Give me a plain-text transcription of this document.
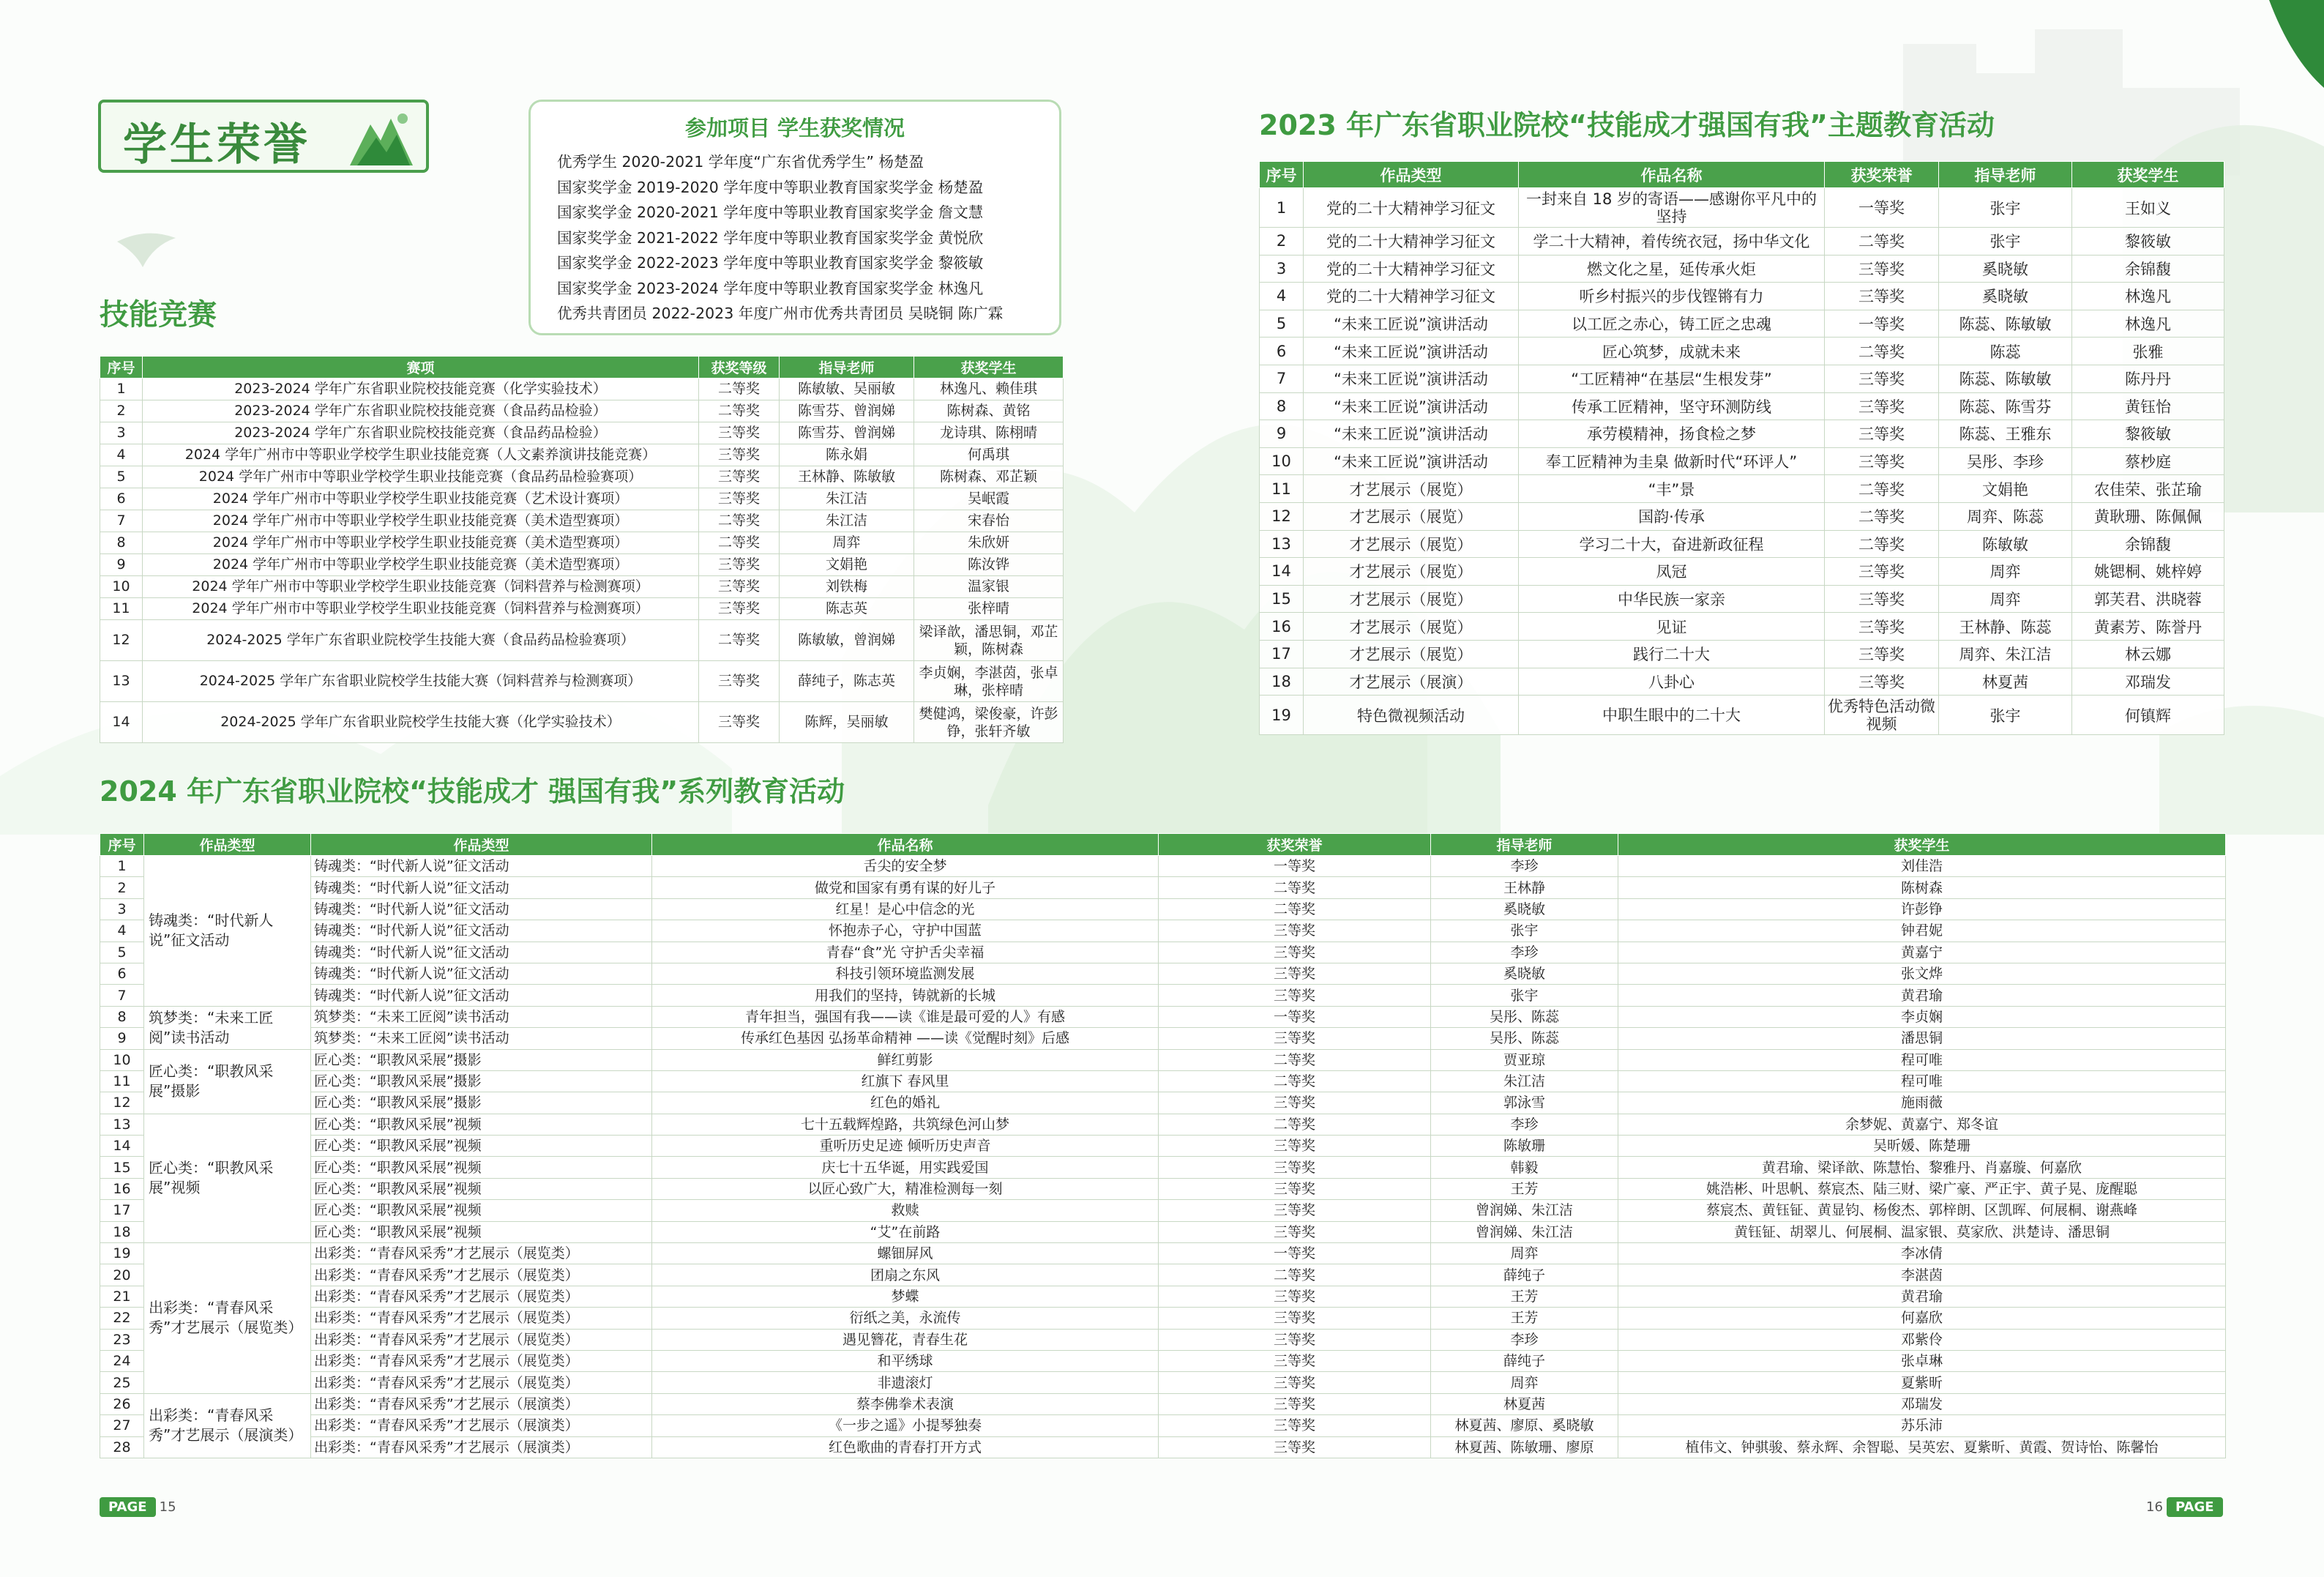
学生荣誉
技能竞赛
参加项目 学生获奖情况
优秀学生 2020-2021 学年度“广东省优秀学生” 杨楚盈
国家奖学金 2019-2020 学年度中等职业教育国家奖学金 杨楚盈
国家奖学金 2020-2021 学年度中等职业教育国家奖学金 詹文慧
国家奖学金 2021-2022 学年度中等职业教育国家奖学金 黄悦欣
国家奖学金 2022-2023 学年度中等职业教育国家奖学金 黎筱敏
国家奖学金 2023-2024 学年度中等职业教育国家奖学金 林逸凡
优秀共青团员 2022-2023 年度广州市优秀共青团员 吴晓铜 陈广霖
序号	赛项	获奖等级	指导老师	获奖学生
1	2023-2024 学年广东省职业院校技能竞赛（化学实验技术）	二等奖	陈敏敏、吴丽敏	林逸凡、赖佳琪
2	2023-2024 学年广东省职业院校技能竞赛（食品药品检验）	二等奖	陈雪芬、曾润娣	陈树森、黄铭
3	2023-2024 学年广东省职业院校技能竞赛（食品药品检验）	三等奖	陈雪芬、曾润娣	龙诗琪、陈栩晴
4	2024 学年广州市中等职业学校学生职业技能竞赛（人文素养演讲技能竞赛）	三等奖	陈永娟	何禹琪
5	2024 学年广州市中等职业学校学生职业技能竞赛（食品药品检验赛项）	三等奖	王林静、陈敏敏	陈树森、邓芷颖
6	2024 学年广州市中等职业学校学生职业技能竞赛（艺术设计赛项）	三等奖	朱江洁	吴岷霞
7	2024 学年广州市中等职业学校学生职业技能竞赛（美术造型赛项）	二等奖	朱江洁	宋春怡
8	2024 学年广州市中等职业学校学生职业技能竞赛（美术造型赛项）	二等奖	周弈	朱欣妍
9	2024 学年广州市中等职业学校学生职业技能竞赛（美术造型赛项）	三等奖	文娟艳	陈汝铧
10	2024 学年广州市中等职业学校学生职业技能竞赛（饲料营养与检测赛项）	三等奖	刘铁梅	温家银
11	2024 学年广州市中等职业学校学生职业技能竞赛（饲料营养与检测赛项）	三等奖	陈志英	张梓晴
12	2024-2025 学年广东省职业院校学生技能大赛（食品药品检验赛项）	二等奖	陈敏敏，曾润娣	梁译歆，潘思铜，邓芷颖，陈树森
13	2024-2025 学年广东省职业院校学生技能大赛（饲料营养与检测赛项）	三等奖	薛纯子，陈志英	李贞娴，李湛茵，张卓琳，张梓晴
14	2024-2025 学年广东省职业院校学生技能大赛（化学实验技术）	三等奖	陈辉，吴丽敏	樊健鸿，梁俊豪，许彭铮，张轩齐敏
2023 年广东省职业院校“技能成才强国有我”主题教育活动
序号	作品类型	作品名称	获奖荣誉	指导老师	获奖学生
1	党的二十大精神学习征文	一封来自 18 岁的寄语——感谢你平凡中的坚持	一等奖	张宇	王如义
2	党的二十大精神学习征文	学二十大精神，着传统衣冠，扬中华文化	二等奖	张宇	黎筱敏
3	党的二十大精神学习征文	燃文化之星，延传承火炬	三等奖	奚晓敏	余锦馥
4	党的二十大精神学习征文	听乡村振兴的步伐铿锵有力	三等奖	奚晓敏	林逸凡
5	“未来工匠说”演讲活动	以工匠之赤心，铸工匠之忠魂	一等奖	陈蕊、陈敏敏	林逸凡
6	“未来工匠说”演讲活动	匠心筑梦，成就未来	二等奖	陈蕊	张雅
7	“未来工匠说”演讲活动	“工匠精神“在基层“生根发芽”	三等奖	陈蕊、陈敏敏	陈丹丹
8	“未来工匠说”演讲活动	传承工匠精神，坚守环测防线	三等奖	陈蕊、陈雪芬	黄钰怡
9	“未来工匠说”演讲活动	承劳模精神，扬食检之梦	三等奖	陈蕊、王雅东	黎筱敏
10	“未来工匠说”演讲活动	奉工匠精神为圭臬 做新时代“环评人”	三等奖	吴彤、李珍	蔡杪庭
11	才艺展示（展览）	“丰”景	二等奖	文娟艳	农佳荣、张芷瑜
12	才艺展示（展览）	国韵·传承	二等奖	周弈、陈蕊	黄耿珊、陈佩佩
13	才艺展示（展览）	学习二十大，奋进新政征程	二等奖	陈敏敏	余锦馥
14	才艺展示（展览）	凤冠	三等奖	周弈	姚锶桐、姚梓婷
15	才艺展示（展览）	中华民族一家亲	三等奖	周弈	郭芙君、洪晓蓉
16	才艺展示（展览）	见证	三等奖	王林静、陈蕊	黄素芳、陈誉丹
17	才艺展示（展览）	践行二十大	三等奖	周弈、朱江洁	林云娜
18	才艺展示（展演）	八卦心	三等奖	林夏茜	邓瑞发
19	特色微视频活动	中职生眼中的二十大	优秀特色活动微视频	张宇	何镇辉
2024 年广东省职业院校“技能成才 强国有我”系列教育活动
序号	作品类型	作品类型	作品名称	获奖荣誉	指导老师	获奖学生
1	铸魂类：“时代新人说”征文活动	铸魂类：“时代新人说”征文活动	舌尖的安全梦	一等奖	李珍	刘佳浩
2		铸魂类：“时代新人说”征文活动	做党和国家有勇有谋的好儿子	二等奖	王林静	陈树森
3		铸魂类：“时代新人说”征文活动	红星！是心中信念的光	二等奖	奚晓敏	许彭铮
4		铸魂类：“时代新人说”征文活动	怀抱赤子心，守护中国蓝	三等奖	张宇	钟君妮
5		铸魂类：“时代新人说”征文活动	青春“食”光 守护舌尖幸福	三等奖	李珍	黄嘉宁
6		铸魂类：“时代新人说”征文活动	科技引领环境监测发展	三等奖	奚晓敏	张文烨
7		铸魂类：“时代新人说”征文活动	用我们的坚持，铸就新的长城	三等奖	张宇	黄君瑜
8	筑梦类：“未来工匠阅”读书活动	筑梦类：“未来工匠阅”读书活动	青年担当，强国有我——读《谁是最可爱的人》有感	一等奖	吴彤、陈蕊	李贞娴
9		筑梦类：“未来工匠阅”读书活动	传承红色基因 弘扬革命精神 ——读《觉醒时刻》后感	三等奖	吴彤、陈蕊	潘思铜
10	匠心类：“职教风采展”摄影	匠心类：“职教风采展”摄影	鲜红剪影	二等奖	贾亚琼	程可唯
11		匠心类：“职教风采展”摄影	红旗下 春风里	二等奖	朱江洁	程可唯
12		匠心类：“职教风采展”摄影	红色的婚礼	三等奖	郭泳雪	施雨薇
13	匠心类：“职教风采展”视频	匠心类：“职教风采展”视频	七十五载辉煌路，共筑绿色河山梦	二等奖	李珍	余梦妮、黄嘉宁、郑冬谊
14		匠心类：“职教风采展”视频	重听历史足迹 倾听历史声音	三等奖	陈敏珊	吴昕媛、陈楚珊
15		匠心类：“职教风采展”视频	庆七十五华诞，用实践爱国	三等奖	韩毅	黄君瑜、梁译歆、陈慧怡、黎雅丹、肖嘉璇、何嘉欣
16		匠心类：“职教风采展”视频	以匠心致广大，精准检测每一刻	三等奖	王芳	姚浩彬、叶思帆、蔡宸杰、陆三财、梁广豪、严正宇、黄子晃、庞醒聪
17		匠心类：“职教风采展”视频	救赎	三等奖	曾润娣、朱江洁	蔡宸杰、黄钰钲、黄显钧、杨俊杰、郭梓朗、区凯晖、何展桐、谢燕峰
18		匠心类：“职教风采展”视频	“艾”在前路	三等奖	曾润娣、朱江洁	黄钰钲、胡翠儿、何展桐、温家银、莫家欣、洪楚诗、潘思铜
19	出彩类：“青春风采秀”才艺展示（展览类）	出彩类：“青春风采秀”才艺展示（展览类）	螺钿屏风	一等奖	周弈	李冰倩
20		出彩类：“青春风采秀”才艺展示（展览类）	团扇之东风	二等奖	薛纯子	李湛茵
21		出彩类：“青春风采秀”才艺展示（展览类）	梦蝶	三等奖	王芳	黄君瑜
22		出彩类：“青春风采秀”才艺展示（展览类）	衍纸之美，永流传	三等奖	王芳	何嘉欣
23		出彩类：“青春风采秀”才艺展示（展览类）	遇见簪花，青春生花	三等奖	李珍	邓紫伶
24		出彩类：“青春风采秀”才艺展示（展览类）	和平绣球	三等奖	薛纯子	张卓琳
25		出彩类：“青春风采秀”才艺展示（展览类）	非遗滚灯	三等奖	周弈	夏紫昕
26	出彩类：“青春风采秀”才艺展示（展演类）	出彩类：“青春风采秀”才艺展示（展演类）	蔡李佛拳术表演	三等奖	林夏茜	邓瑞发
27		出彩类：“青春风采秀”才艺展示（展演类）	《一步之遥》小提琴独奏	三等奖	林夏茜、廖原、奚晓敏	苏乐沛
28		出彩类：“青春风采秀”才艺展示（展演类）	红色歌曲的青春打开方式	三等奖	林夏茜、陈敏珊、廖原	植伟文、钟骐骏、蔡永辉、余智聪、吴英宏、夏紫昕、黄霞、贺诗怡、陈馨怡
PAGE 15	16 PAGE
